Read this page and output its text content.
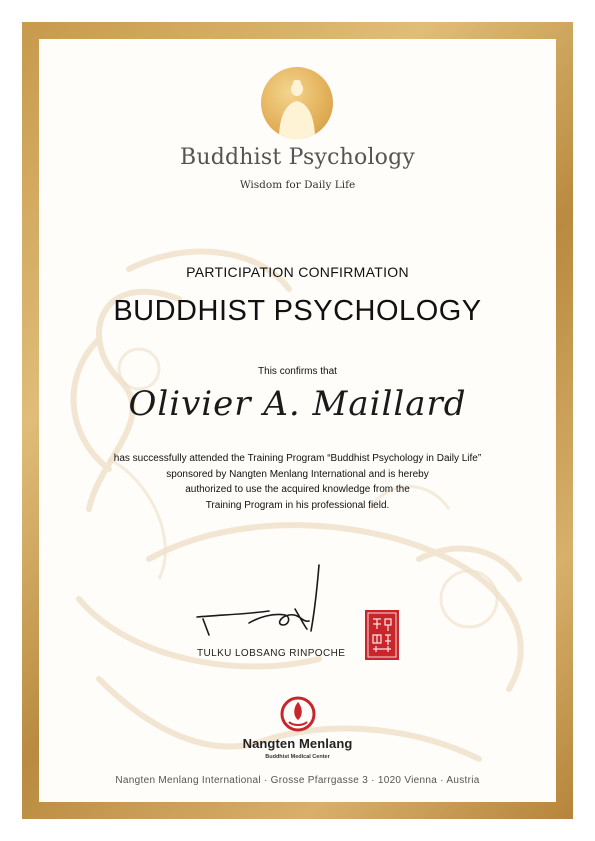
Buddhist Psychology
Wisdom for Daily Life
PARTICIPATION CONFIRMATION
BUDDHIST PSYCHOLOGY
This confirms that
Olivier A. Maillard
has successfully attended the Training Program “Buddhist Psychology in Daily Life”
sponsored by Nangten Menlang International and is hereby
authorized to use the acquired knowledge from the
Training Program in his professional field.
TULKU LOBSANG RINPOCHE
Nangten Menlang
Buddhist Medical Center
Nangten Menlang International · Grosse Pfarrgasse 3 · 1020 Vienna · Austria
